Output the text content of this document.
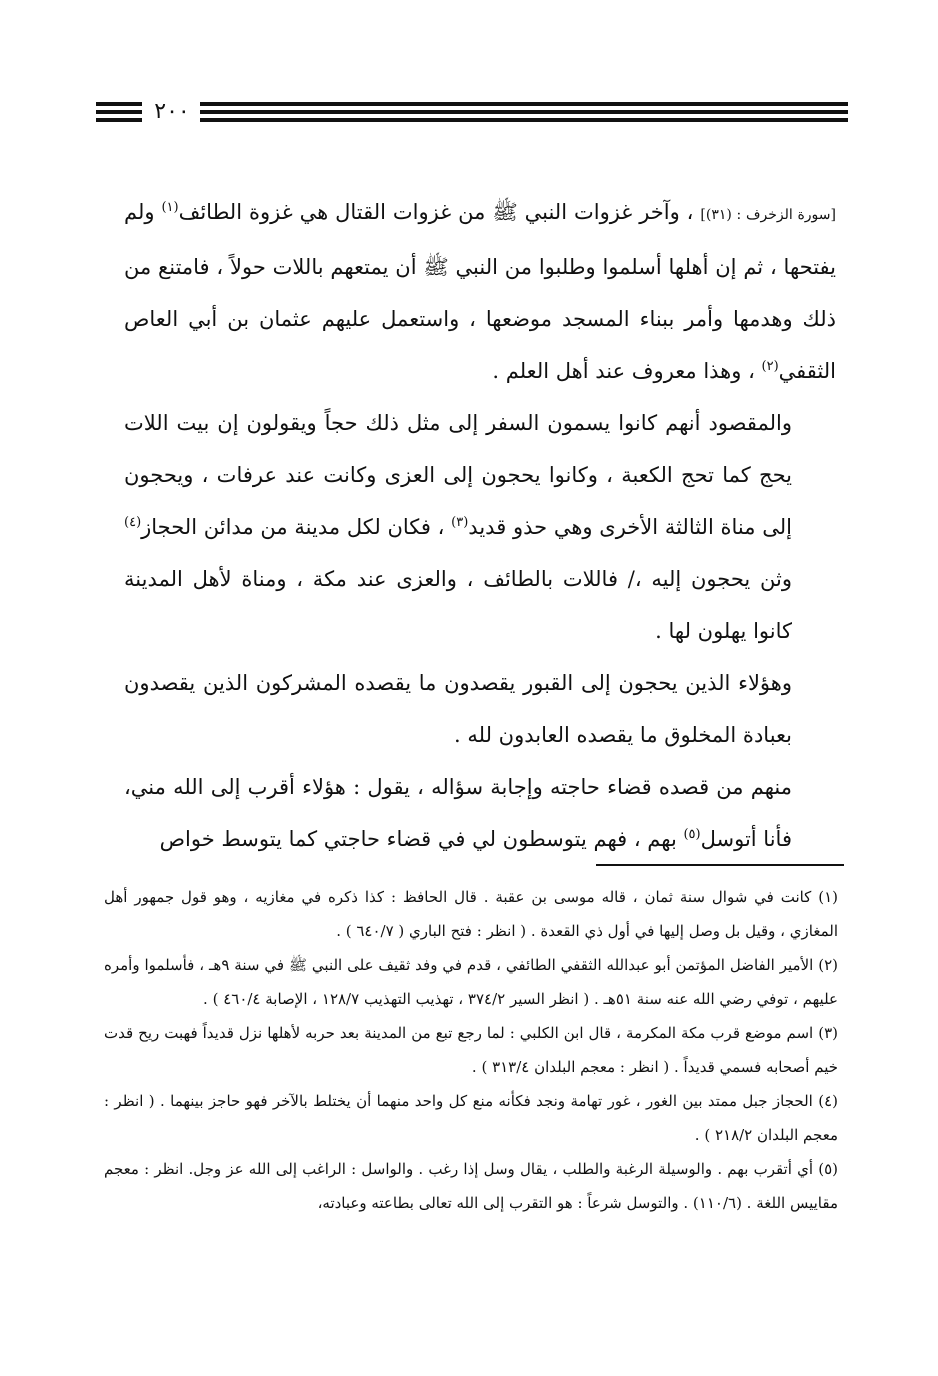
٢٠٠

[سورة الزخرف : (٣١)] ، وآخر غزوات النبي ﷺ من غزوات القتال هي غزوة الطائف$^{(١)}$ ولم يفتحها ، ثم إن أهلها أسلموا وطلبوا من النبي ﷺ أن يمتعهم باللات حولاً ، فامتنع من ذلك وهدمها وأمر ببناء المسجد موضعها ، واستعمل عليهم عثمان بن أبي العاص الثقفي$^{(٢)}$ ، وهذا معروف عند أهل العلم .

والمقصود أنهم كانوا يسمون السفر إلى مثل ذلك حجاً ويقولون إن بيت اللات يحج كما تحج الكعبة ، وكانوا يحجون إلى العزى وكانت عند عرفات ، ويحجون إلى مناة الثالثة الأخرى وهي حذو قديد$^{(٣)}$ ، فكان لكل مدينة من مدائن الحجاز$^{(٤)}$ وثن يحجون إليه ،/ فاللات بالطائف ، والعزى عند مكة ، ومناة لأهل المدينة كانوا يهلون لها .

وهؤلاء الذين يحجون إلى القبور يقصدون ما يقصده المشركون الذين يقصدون بعبادة المخلوق ما يقصده العابدون لله .

منهم من قصده قضاء حاجته وإجابة سؤاله ، يقول : هؤلاء أقرب إلى الله مني، فأنا أتوسل$^{(٥)}$ بهم ، فهم يتوسطون لي في قضاء حاجتي كما يتوسط خواص

(١) كانت في شوال سنة ثمان ، قاله موسى بن عقبة . قال الحافظ : كذا ذكره في مغازيه ، وهو قول جمهور أهل المغازي ، وقيل بل وصل إليها في أول ذي القعدة . ( انظر : فتح الباري ( ٦٤٠/٧ ) .

(٢) الأمير الفاضل المؤتمن أبو عبدالله الثقفي الطائفي ، قدم في وفد ثقيف على النبي ﷺ في سنة ٩هـ ، فأسلموا وأمره عليهم ، توفي رضي الله عنه سنة ٥١هـ . ( انظر السير ٣٧٤/٢ ، تهذيب التهذيب ١٢٨/٧ ، الإصابة ٤٦٠/٤ ) .

(٣) اسم موضع قرب مكة المكرمة ، قال ابن الكلبي : لما رجع تبع من المدينة بعد حربه لأهلها نزل قديداً فهبت ريح قدت خيم أصحابه فسمي قديداً . ( انظر : معجم البلدان ٣١٣/٤ ) .

(٤) الحجاز جبل ممتد بين الغور ، غور تهامة ونجد فكأنه منع كل واحد منهما أن يختلط بالآخر فهو حاجز بينهما . ( انظر : معجم البلدان ٢١٨/٢ ) .

(٥) أي أتقرب بهم . والوسيلة الرغبة والطلب ، يقال وسل إذا رغب . والواسل : الراغب إلى الله عز وجل. انظر : معجم مقاييس اللغة . (١١٠/٦) . والتوسل شرعاً : هو التقرب إلى الله تعالى بطاعته وعبادته،
